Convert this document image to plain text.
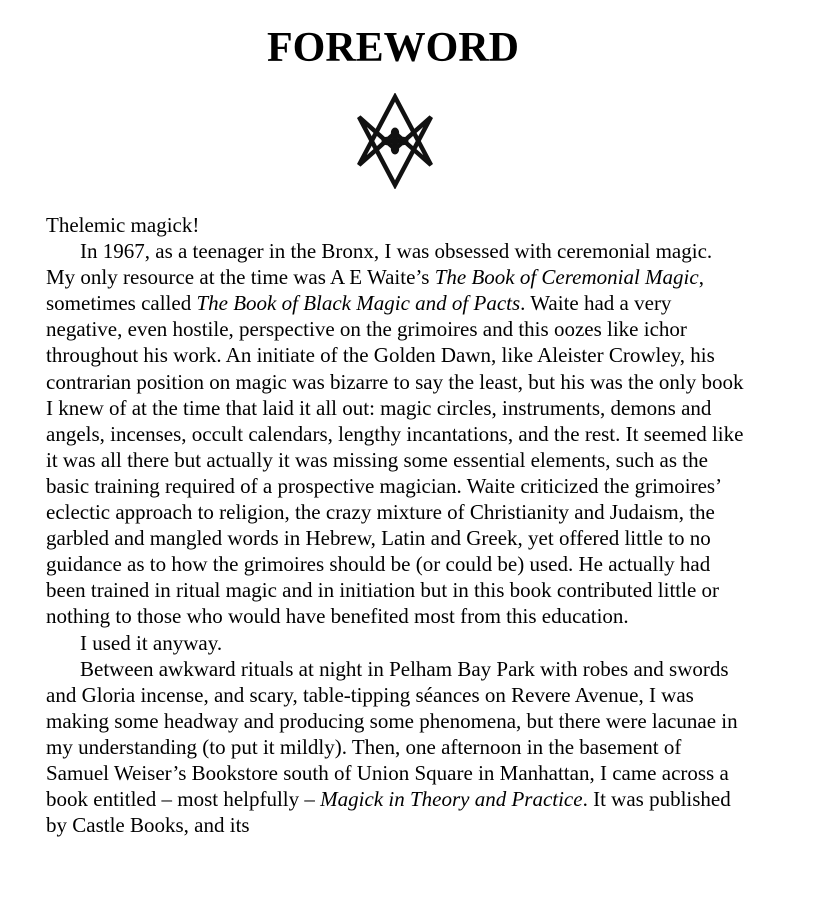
FOREWORD

Thelemic magick!

In 1967, as a teenager in the Bronx, I was obsessed with ceremonial magic. My only resource at the time was A E Waite’s The Book of Ceremonial Magic, sometimes called The Book of Black Magic and of Pacts. Waite had a very negative, even hostile, perspective on the grimoires and this oozes like ichor throughout his work. An initiate of the Golden Dawn, like Aleister Crowley, his contrarian position on magic was bizarre to say the least, but his was the only book I knew of at the time that laid it all out: magic circles, instruments, demons and angels, incenses, occult calendars, lengthy incantations, and the rest. It seemed like it was all there but actually it was missing some essential elements, such as the basic training required of a prospective magician. Waite criticized the grimoires’ eclectic approach to religion, the crazy mixture of Christianity and Judaism, the garbled and mangled words in Hebrew, Latin and Greek, yet offered little to no guidance as to how the grimoires should be (or could be) used. He actually had been trained in ritual magic and in initiation but in this book contributed little or nothing to those who would have benefited most from this education.

I used it anyway.

Between awkward rituals at night in Pelham Bay Park with robes and swords and Gloria incense, and scary, table-tipping séances on Revere Avenue, I was making some headway and producing some phenomena, but there were lacunae in my understanding (to put it mildly). Then, one afternoon in the basement of Samuel Weiser’s Bookstore south of Union Square in Manhattan, I came across a book entitled – most helpfully – Magick in Theory and Practice. It was published by Castle Books, and its
